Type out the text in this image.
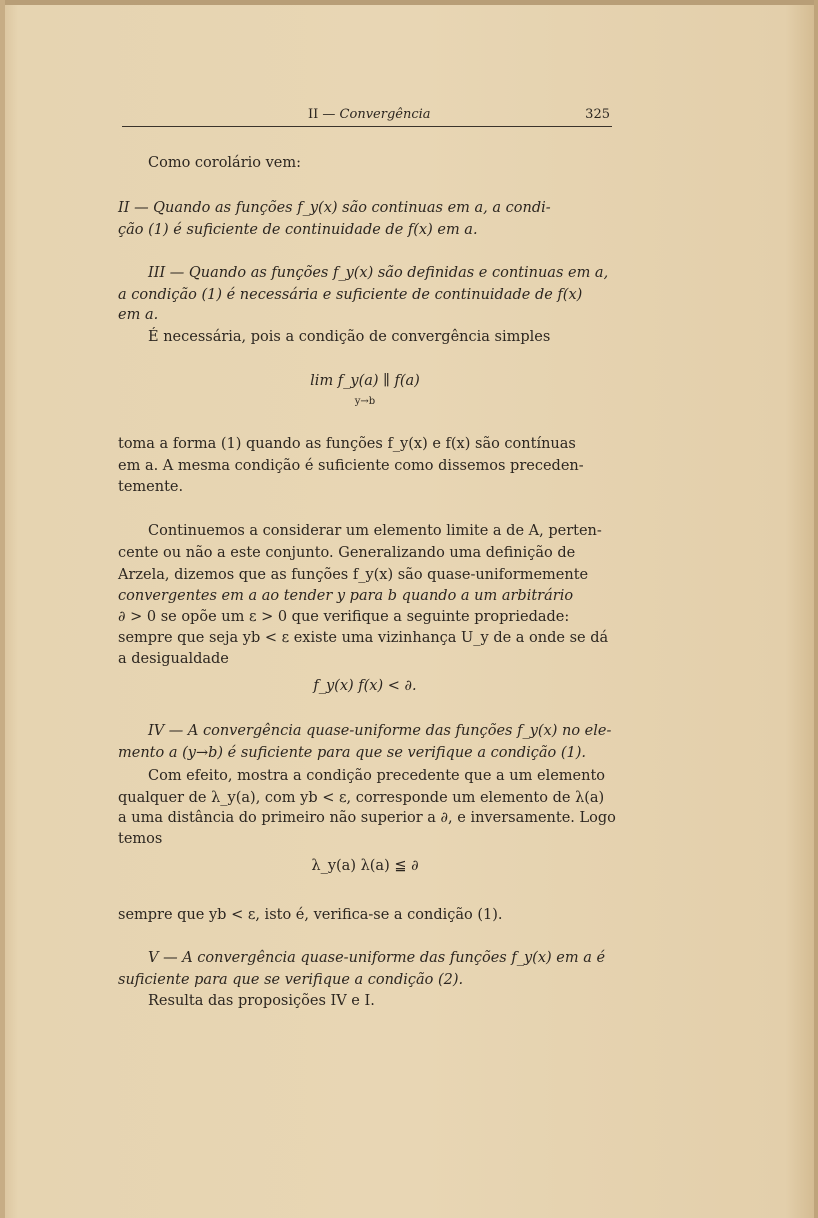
II — Convergência	325
Como corolário vem:
II — Quando as funções f_y(x) são continuas em a, a condi-
ção (1) é suficiente de continuidade de f(x) em a.
III — Quando as funções f_y(x) são definidas e continuas em a,
a condição (1) é necessária e suficiente de continuidade de f(x)
em a.
É necessária, pois a condição de convergência simples
lim f_y(a) ∥ f(a)
y→b
toma a forma (1) quando as funções f_y(x) e f(x) são contínuas
em a. A mesma condição é suficiente como dissemos preceden-
temente.
Continuemos a considerar um elemento limite a de A, perten-
cente ou não a este conjunto. Generalizando uma definição de
Arzela, dizemos que as funções f_y(x) são quase-uniformemente
convergentes em a ao tender y para b quando a um arbitrário
∂ > 0 se opõe um ε > 0 que verifique a seguinte propriedade:
sempre que seja yb < ε existe uma vizinhança U_y de a onde se dá
a desigualdade
f_y(x) f(x) < ∂.
IV — A convergência quase-uniforme das funções f_y(x) no ele-
mento a (y→b) é suficiente para que se verifique a condição (1).
Com efeito, mostra a condição precedente que a um elemento
qualquer de λ_y(a), com yb < ε, corresponde um elemento de λ(a)
a uma distância do primeiro não superior a ∂, e inversamente. Logo
temos
λ_y(a) λ(a) ≦ ∂
sempre que yb < ε, isto é, verifica-se a condição (1).
V — A convergência quase-uniforme das funções f_y(x) em a é
suficiente para que se verifique a condição (2).
Resulta das proposições IV e I.
